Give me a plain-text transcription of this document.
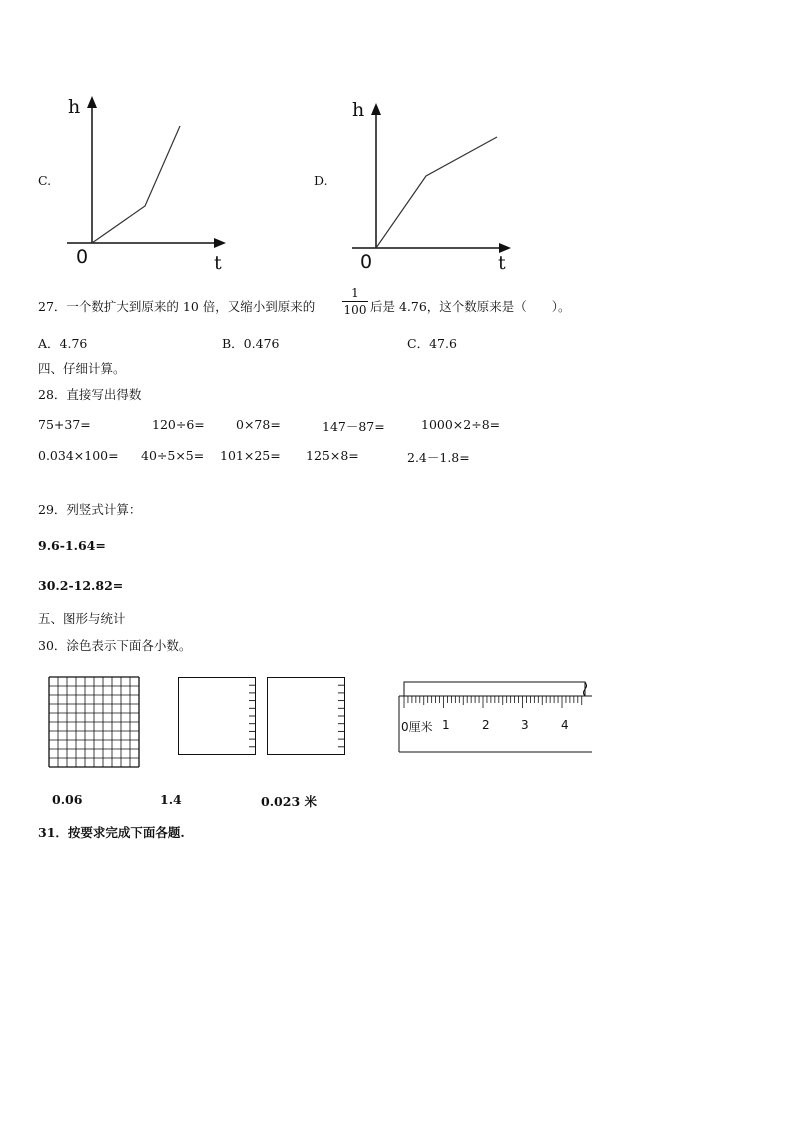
C.
h
0	t
D.
h
0	t
27．一个数扩大到原来的 10 倍，又缩小到原来的
1
100 后是 4.76，这个数原来是（　　）。
A．4.76	B．0.476	C．47.6
四、仔细计算。
28．直接写出得数
75+37=	120÷6= 0×78=	147－87=	1000×2÷8=
0.034×100= 40÷5×5= 101×25= 125×8=	2.4－1.8=
29．列竖式计算：
9.6-1.64=
30.2-12.82=
五、图形与统计
30．涂色表示下面各小数。
0厘米 1	2	3	4
0.06	1.4	0.023 米
31．按要求完成下面各题.
